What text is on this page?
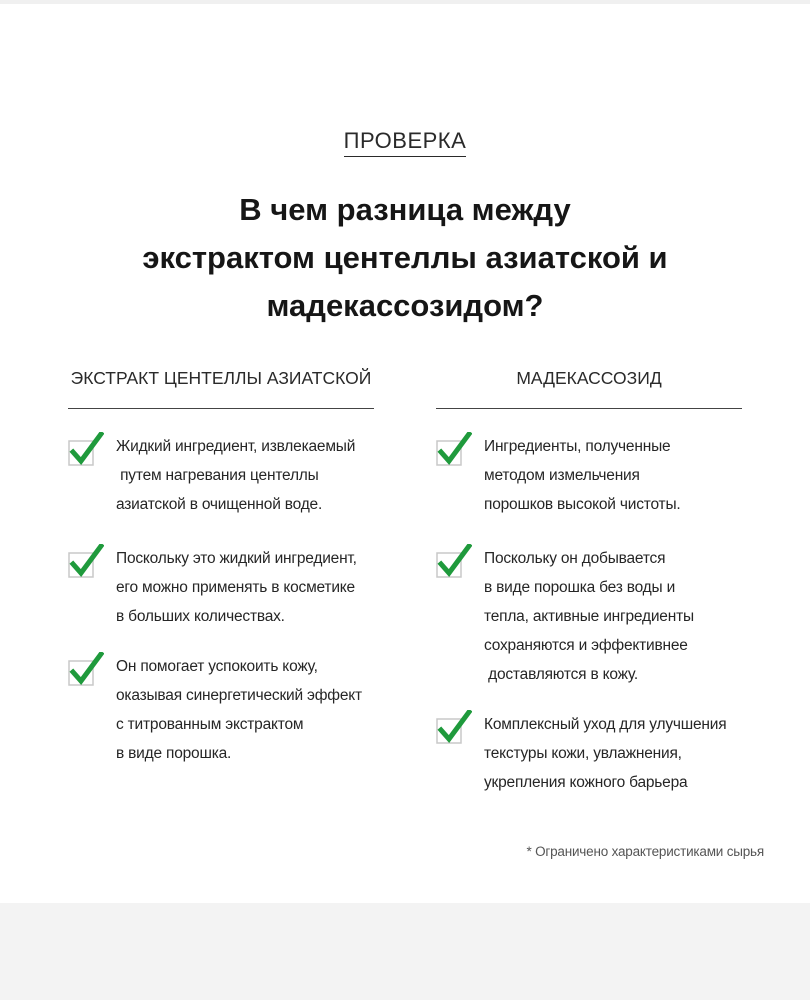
ПРОВЕРКА
В чем разница между
экстрактом центеллы азиатской и
мадекассозидом?
ЭКСТРАКТ ЦЕНТЕЛЛЫ АЗИАТСКОЙ
Жидкий ингредиент, извлекаемый
путем нагревания центеллы
азиатской в очищенной воде.
Поскольку это жидкий ингредиент,
его можно применять в косметике
в больших количествах.
Он помогает успокоить кожу,
оказывая синергетический эффект
с титрованным экстрактом
в виде порошка.
МАДЕКАССОЗИД
Ингредиенты, полученные
методом измельчения
порошков высокой чистоты.
Поскольку он добывается
в виде порошка без воды и
тепла, активные ингредиенты
сохраняются и эффективнее
доставляются в кожу.
Комплексный уход для улучшения
текстуры кожи, увлажнения,
укрепления кожного барьера
* Ограничено характеристиками сырья
